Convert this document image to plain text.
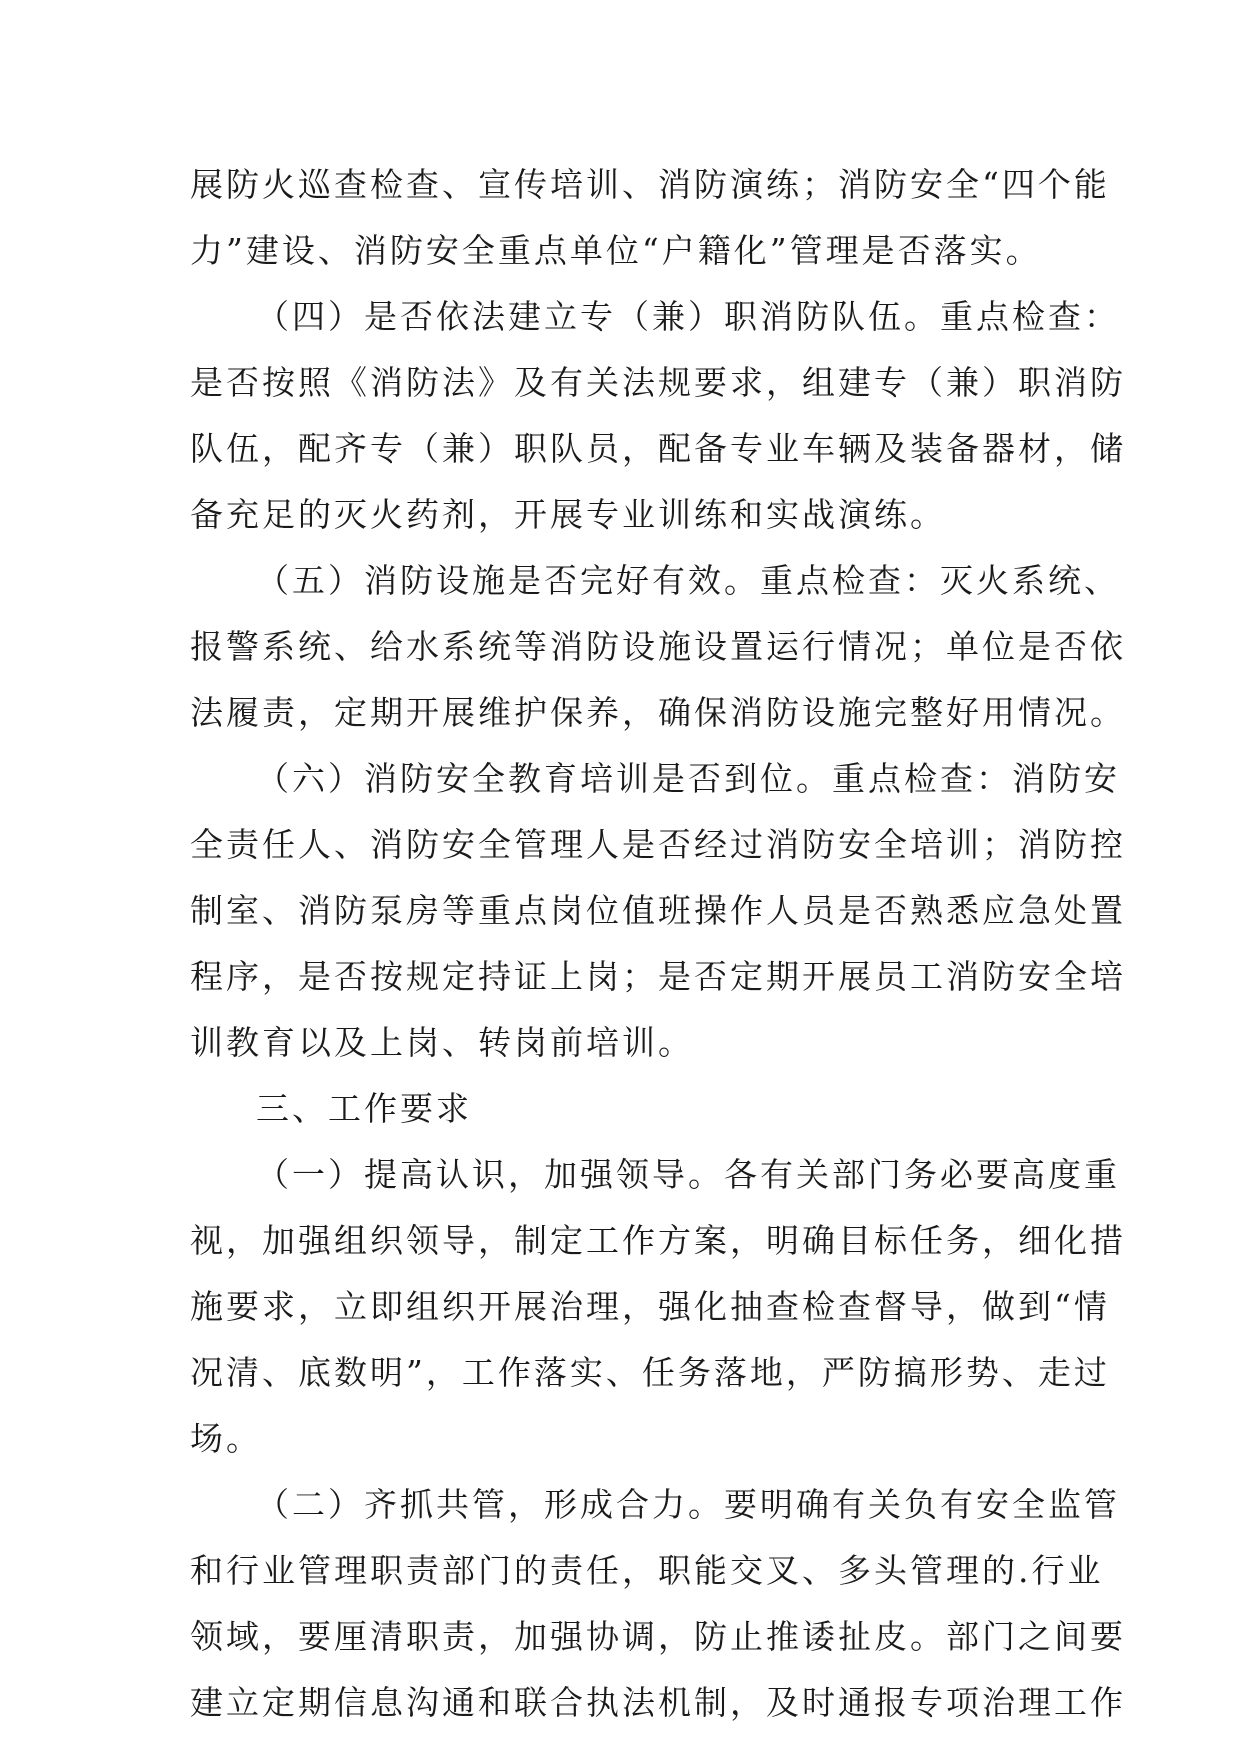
展防火巡查检查、宣传培训、消防演练；消防安全“四个能
力”建设、消防安全重点单位“户籍化”管理是否落实。
（四）是否依法建立专（兼）职消防队伍。重点检查：
是否按照《消防法》及有关法规要求，组建专（兼）职消防
队伍，配齐专（兼）职队员，配备专业车辆及装备器材，储
备充足的灭火药剂，开展专业训练和实战演练。
（五）消防设施是否完好有效。重点检查：灭火系统、
报警系统、给水系统等消防设施设置运行情况；单位是否依
法履责，定期开展维护保养，确保消防设施完整好用情况。
（六）消防安全教育培训是否到位。重点检查：消防安
全责任人、消防安全管理人是否经过消防安全培训；消防控
制室、消防泵房等重点岗位值班操作人员是否熟悉应急处置
程序，是否按规定持证上岗；是否定期开展员工消防安全培
训教育以及上岗、转岗前培训。
三、工作要求
（一）提高认识，加强领导。各有关部门务必要高度重
视，加强组织领导，制定工作方案，明确目标任务，细化措
施要求，立即组织开展治理，强化抽查检查督导，做到“情
况清、底数明”，工作落实、任务落地，严防搞形势、走过
场。
（二）齐抓共管，形成合力。要明确有关负有安全监管
和行业管理职责部门的责任，职能交叉、多头管理的.行业
领域，要厘清职责，加强协调，防止推诿扯皮。部门之间要
建立定期信息沟通和联合执法机制，及时通报专项治理工作
